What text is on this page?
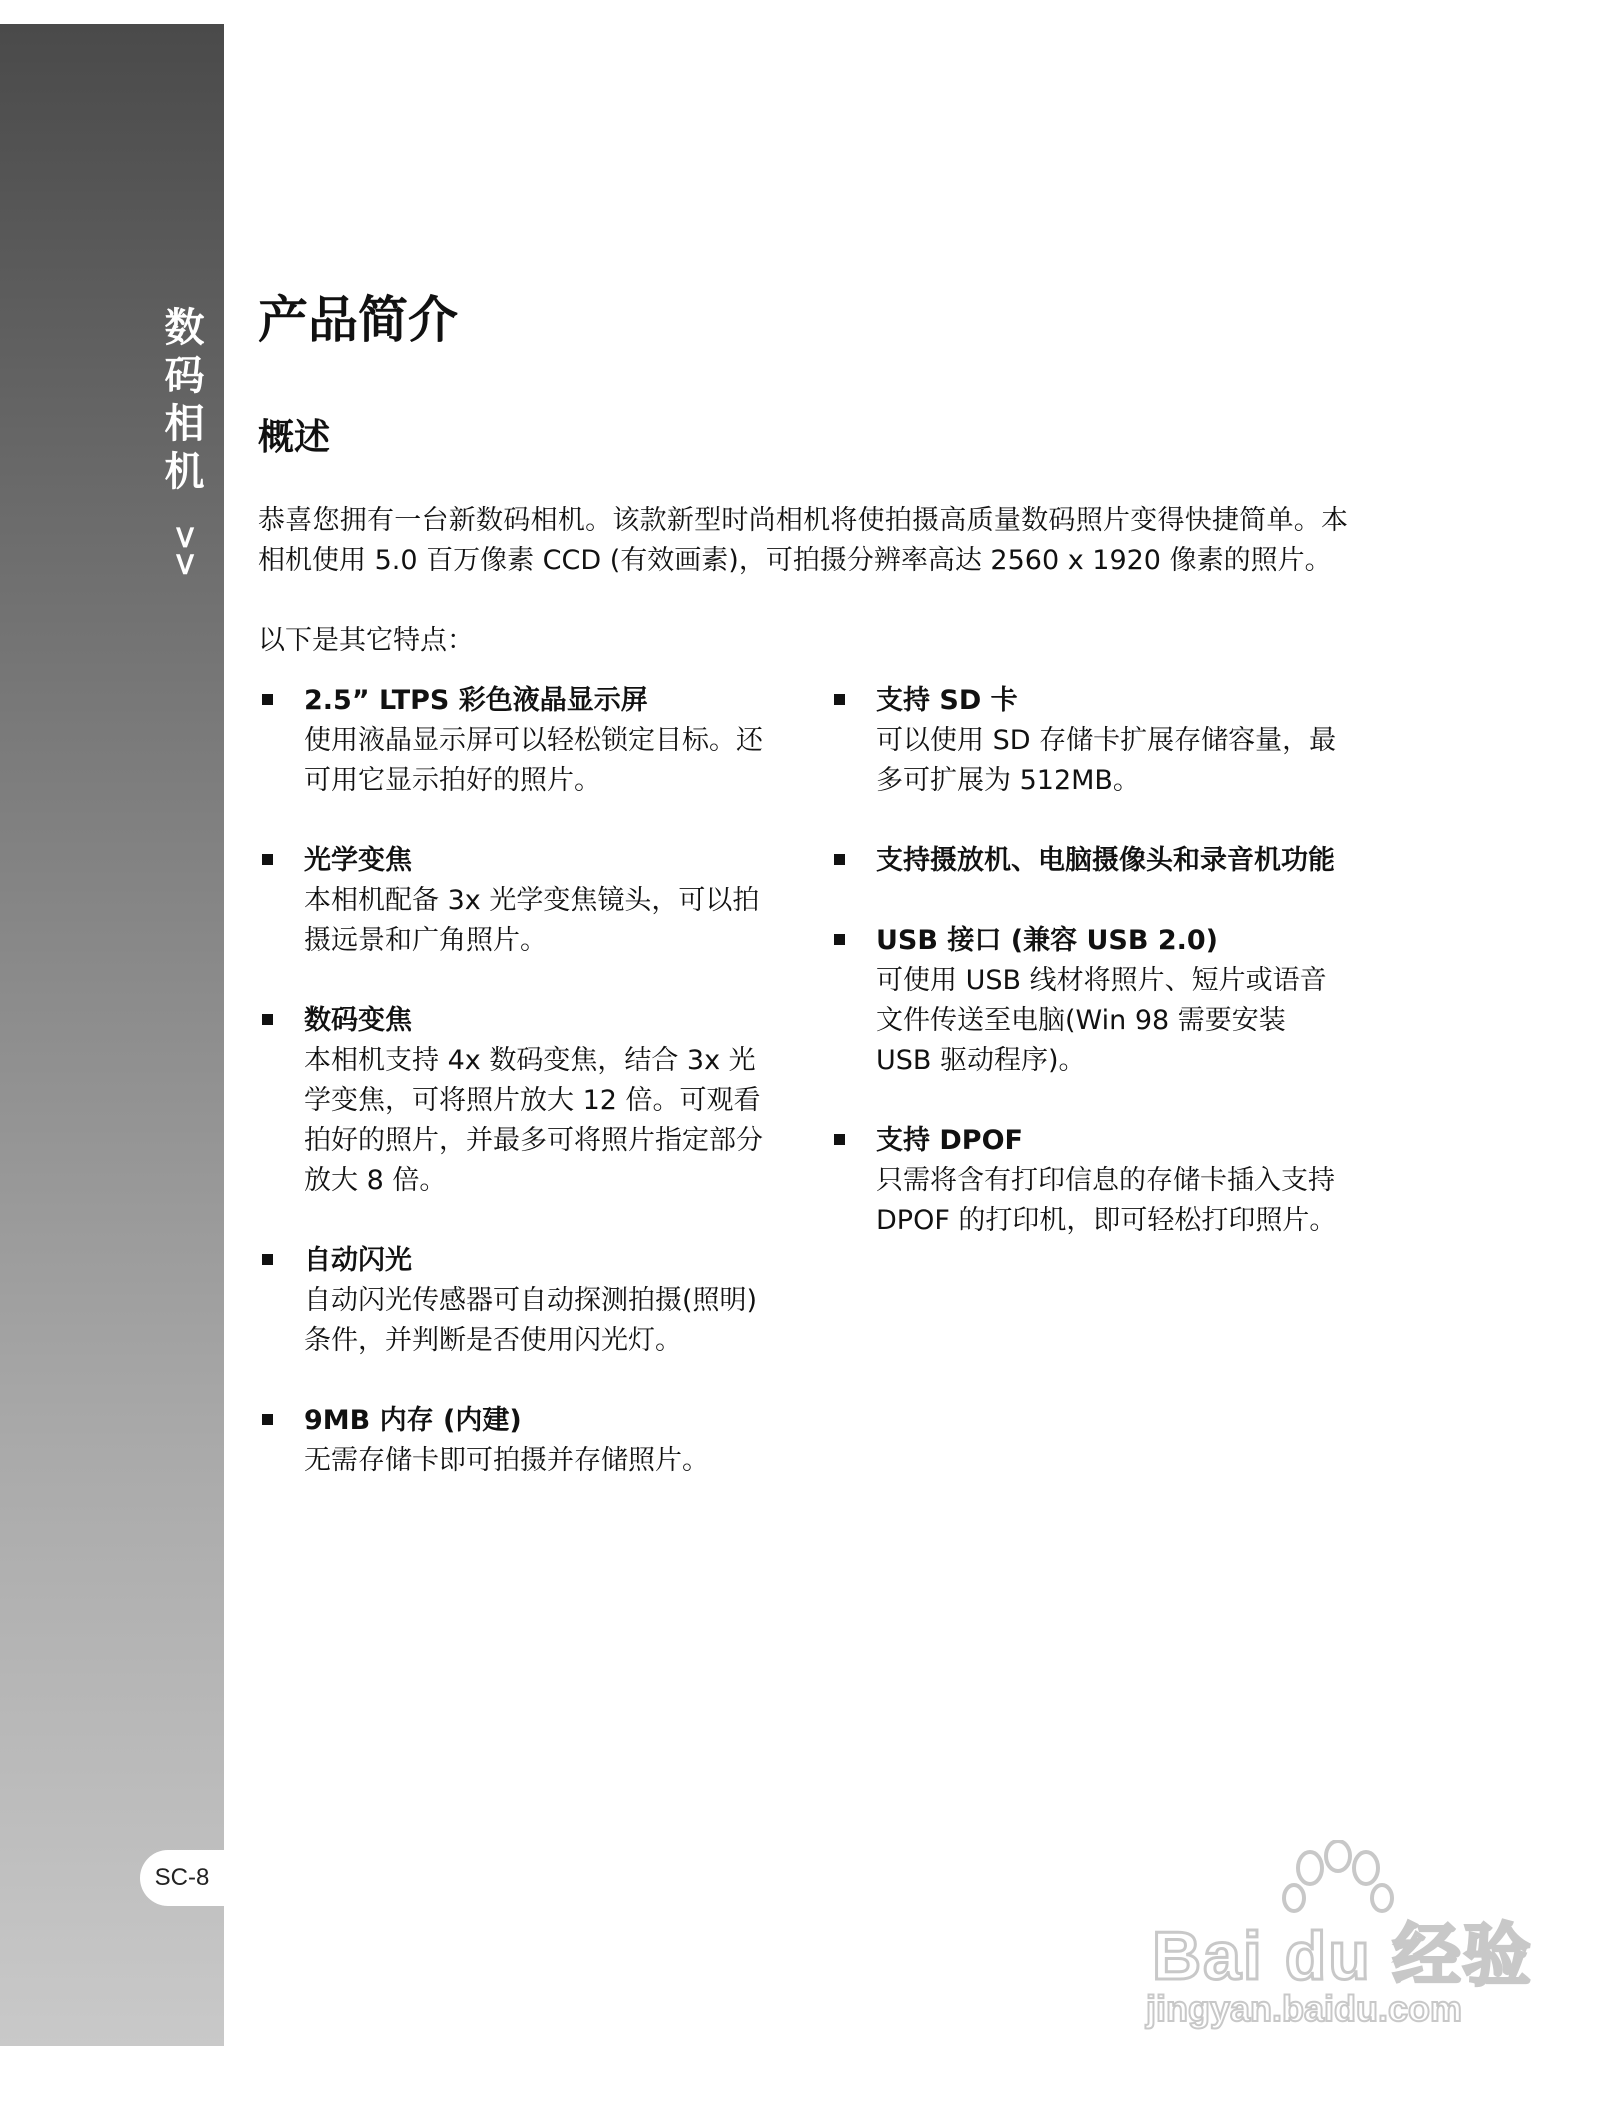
数码相机
>>
SC-8
产品简介
概述

恭喜您拥有一台新数码相机。该款新型时尚相机将使拍摄高质量数码照片变得快捷简单。本相机使用 5.0 百万像素 CCD (有效画素)，可拍摄分辨率高达 2560 x 1920 像素的照片。

以下是其它特点：

2.5” LTPS 彩色液晶显示屏
使用液晶显示屏可以轻松锁定目标。还可用它显示拍好的照片。
光学变焦
本相机配备 3x 光学变焦镜头，可以拍摄远景和广角照片。
数码变焦
本相机支持 4x 数码变焦，结合 3x 光学变焦，可将照片放大 12 倍。可观看拍好的照片，并最多可将照片指定部分放大 8 倍。
自动闪光
自动闪光传感器可自动探测拍摄(照明)条件，并判断是否使用闪光灯。
9MB 内存 (内建)
无需存储卡即可拍摄并存储照片。
支持 SD 卡
可以使用 SD 存储卡扩展存储容量，最多可扩展为 512MB。
支持摄放机、电脑摄像头和录音机功能
USB 接口 (兼容 USB 2.0)
可使用 USB 线材将照片、短片或语音文件传送至电脑(Win 98 需要安装 USB 驱动程序)。
支持 DPOF
只需将含有打印信息的存储卡插入支持 DPOF 的打印机，即可轻松打印照片。
Bai du 经验
jingyan.baidu.com
